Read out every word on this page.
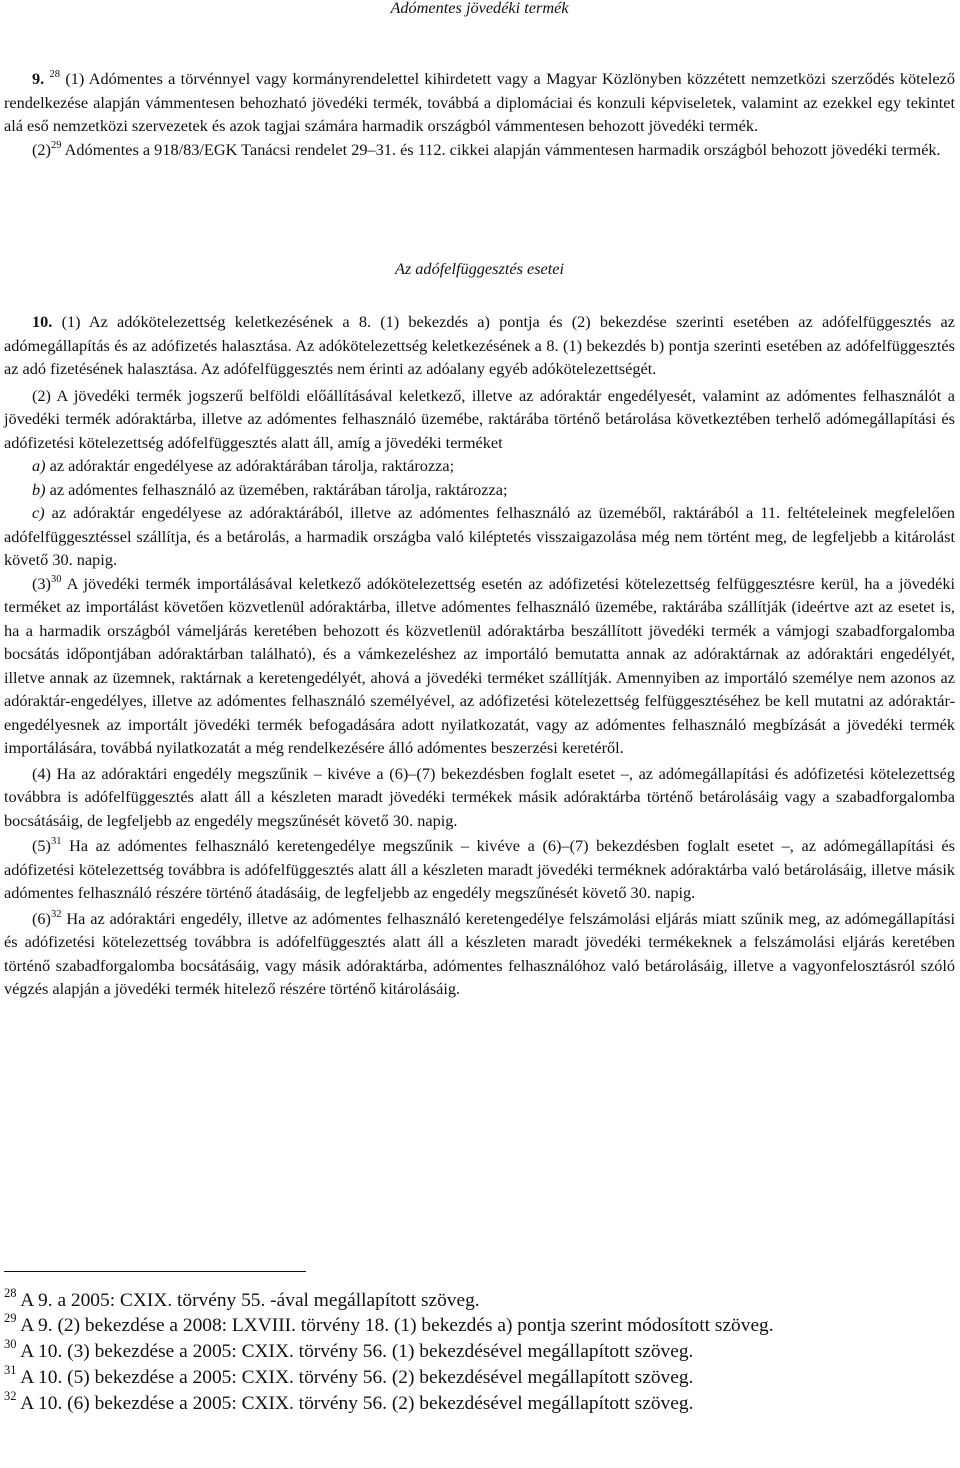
Adómentes jövedéki termék

9. $^{28}$ (1) Adómentes a törvénnyel vagy kormányrendelettel kihirdetett vagy a Magyar Közlönyben közzétett nemzetközi szerződés kötelező rendelkezése alapján vámmentesen behozható jövedéki termék, továbbá a diplomáciai és konzuli képviseletek, valamint az ezekkel egy tekintet alá eső nemzetközi szervezetek és azok tagjai számára harmadik országból vámmentesen behozott jövedéki termék.

$(2)^{29}$ Adómentes a 918/83/EGK Tanácsi rendelet 29–31. és 112. cikkei alapján vámmentesen harmadik országból behozott jövedéki termék.

Az adófelfüggesztés esetei

10. (1) Az adókötelezettség keletkezésének a 8. (1) bekezdés a) pontja és (2) bekezdése szerinti esetében az adófelfüggesztés az adómegállapítás és az adófizetés halasztása. Az adókötelezettség keletkezésének a 8. (1) bekezdés b) pontja szerinti esetében az adófelfüggesztés az adó fizetésének halasztása. Az adófelfüggesztés nem érinti az adóalany egyéb adókötelezettségét.

(2) A jövedéki termék jogszerű belföldi előállításával keletkező, illetve az adóraktár engedélyesét, valamint az adómentes felhasználót a jövedéki termék adóraktárba, illetve az adómentes felhasználó üzemébe, raktárába történő betárolása következtében terhelő adómegállapítási és adófizetési kötelezettség adófelfüggesztés alatt áll, amíg a jövedéki terméket

a) az adóraktár engedélyese az adóraktárában tárolja, raktározza;

b) az adómentes felhasználó az üzemében, raktárában tárolja, raktározza;

c) az adóraktár engedélyese az adóraktárából, illetve az adómentes felhasználó az üzeméből, raktárából a 11. feltételeinek megfelelően adófelfüggesztéssel szállítja, és a betárolás, a harmadik országba való kiléptetés visszaigazolása még nem történt meg, de legfeljebb a kitárolást követő 30. napig.

$(3)^{30}$ A jövedéki termék importálásával keletkező adókötelezettség esetén az adófizetési kötelezettség felfüggesztésre kerül, ha a jövedéki terméket az importálást követően közvetlenül adóraktárba, illetve adómentes felhasználó üzemébe, raktárába szállítják (ideértve azt az esetet is, ha a harmadik országból vámeljárás keretében behozott és közvetlenül adóraktárba beszállított jövedéki termék a vámjogi szabadforgalomba bocsátás időpontjában adóraktárban található), és a vámkezeléshez az importáló bemutatta annak az adóraktárnak az adóraktári engedélyét, illetve annak az üzemnek, raktárnak a keretengedélyét, ahová a jövedéki terméket szállítják. Amennyiben az importáló személye nem azonos az adóraktár-engedélyes, illetve az adómentes felhasználó személyével, az adófizetési kötelezettség felfüggesztéséhez be kell mutatni az adóraktár-engedélyesnek az importált jövedéki termék befogadására adott nyilatkozatát, vagy az adómentes felhasználó megbízását a jövedéki termék importálására, továbbá nyilatkozatát a még rendelkezésére álló adómentes beszerzési keretéről.

(4) Ha az adóraktári engedély megszűnik – kivéve a (6)–(7) bekezdésben foglalt esetet –, az adómegállapítási és adófizetési kötelezettség továbbra is adófelfüggesztés alatt áll a készleten maradt jövedéki termékek másik adóraktárba történő betárolásáig vagy a szabadforgalomba bocsátásáig, de legfeljebb az engedély megszűnését követő 30. napig.

$(5)^{31}$ Ha az adómentes felhasználó keretengedélye megszűnik – kivéve a (6)–(7) bekezdésben foglalt esetet –, az adómegállapítási és adófizetési kötelezettség továbbra is adófelfüggesztés alatt áll a készleten maradt jövedéki terméknek adóraktárba való betárolásáig, illetve másik adómentes felhasználó részére történő átadásáig, de legfeljebb az engedély megszűnését követő 30. napig.

$(6)^{32}$ Ha az adóraktári engedély, illetve az adómentes felhasználó keretengedélye felszámolási eljárás miatt szűnik meg, az adómegállapítási és adófizetési kötelezettség továbbra is adófelfüggesztés alatt áll a készleten maradt jövedéki termékeknek a felszámolási eljárás keretében történő szabadforgalomba bocsátásáig, vagy másik adóraktárba, adómentes felhasználóhoz való betárolásáig, illetve a vagyonfelosztásról szóló végzés alapján a jövedéki termék hitelező részére történő kitárolásáig.

$^{28}$ A 9. a 2005: CXIX. törvény 55. -ával megállapított szöveg.

$^{29}$ A 9. (2) bekezdése a 2008: LXVIII. törvény 18. (1) bekezdés a) pontja szerint módosított szöveg.

$^{30}$ A 10. (3) bekezdése a 2005: CXIX. törvény 56. (1) bekezdésével megállapított szöveg.

$^{31}$ A 10. (5) bekezdése a 2005: CXIX. törvény 56. (2) bekezdésével megállapított szöveg.

$^{32}$ A 10. (6) bekezdése a 2005: CXIX. törvény 56. (2) bekezdésével megállapított szöveg.
